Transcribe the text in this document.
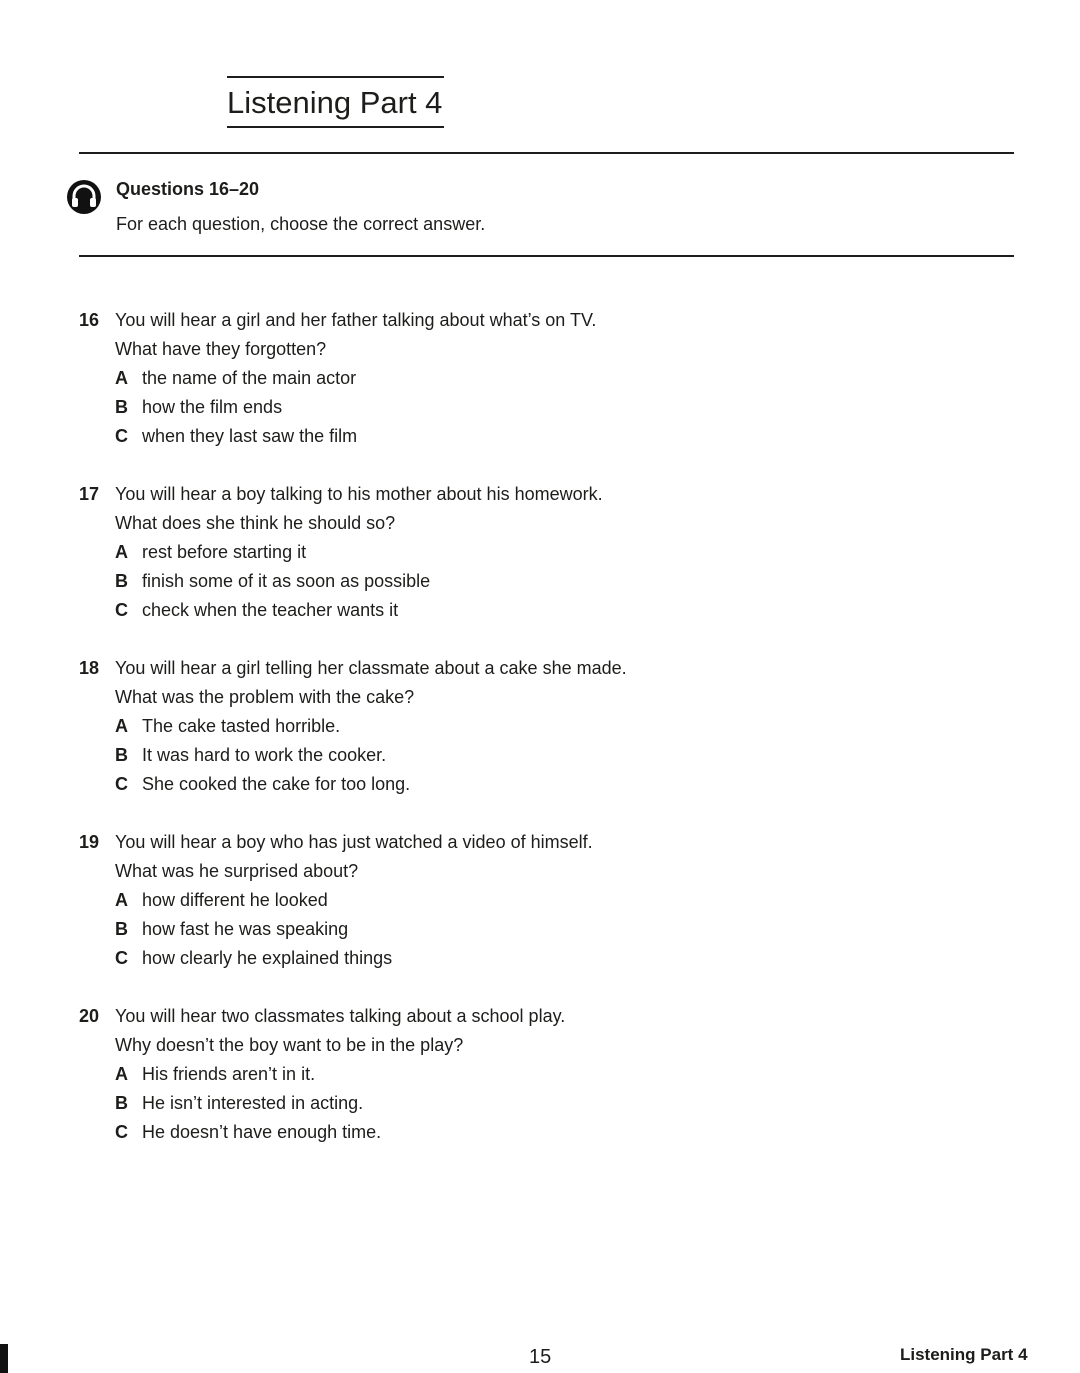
Listening Part 4
Questions 16–20
For each question, choose the correct answer.
16 You will hear a girl and her father talking about what’s on TV.
What have they forgotten?
A the name of the main actor
B how the film ends
C when they last saw the film
17 You will hear a boy talking to his mother about his homework.
What does she think he should so?
A rest before starting it
B finish some of it as soon as possible
C check when the teacher wants it
18 You will hear a girl telling her classmate about a cake she made.
What was the problem with the cake?
A The cake tasted horrible.
B It was hard to work the cooker.
C She cooked the cake for too long.
19 You will hear a boy who has just watched a video of himself.
What was he surprised about?
A how different he looked
B how fast he was speaking
C how clearly he explained things
20 You will hear two classmates talking about a school play.
Why doesn’t the boy want to be in the play?
A His friends aren’t in it.
B He isn’t interested in acting.
C He doesn’t have enough time.
15	Listening Part 4
